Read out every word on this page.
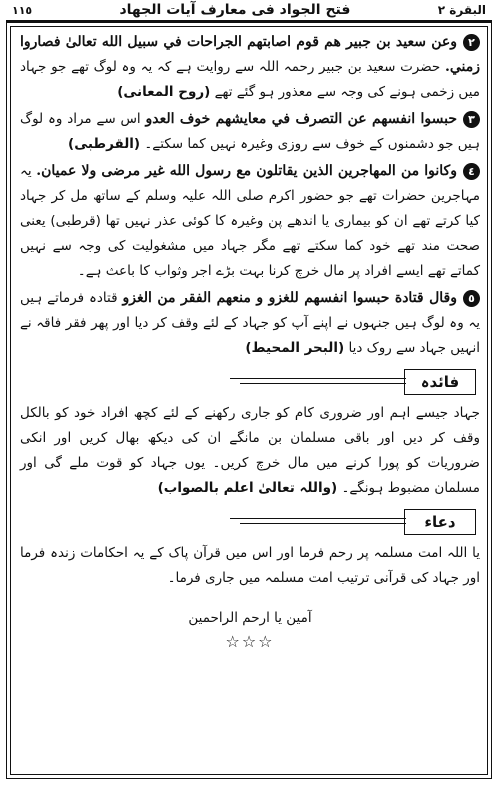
١١٥	فتح الجواد فی معارف آیات الجهاد	البقرة ۲

٢وعن سعيد بن جبير هم قوم اصابتهم الجراحات في سبيل الله تعالىٰ فصاروا زمني. حضرت سعید بن جبیر رحمہ اللہ سے روایت ہے کہ یہ وہ لوگ تھے جو جہاد میں زخمی ہونے کی وجہ سے معذور ہو گئے تھے (روح المعانی)

٣حبسوا انفسهم عن التصرف في معايشهم خوف العدو اس سے مراد وہ لوگ ہیں جو دشمنوں کے خوف سے روزی وغیرہ نہیں کما سکتے۔ (القرطبی)

٤وكانوا من المهاجرين الذين يقاتلون مع رسول الله غير مرضى ولا عميان. یہ مہاجرین حضرات تھے جو حضور اکرم صلی اللہ علیہ وسلم کے ساتھ مل کر جہاد کیا کرتے تھے ان کو بیماری یا اندھے پن وغیرہ کا کوئی عذر نہیں تھا (قرطبی) یعنی صحت مند تھے خود کما سکتے تھے مگر جہاد میں مشغولیت کی وجہ سے نہیں کماتے تھے ایسے افراد پر مال خرچ کرنا بہت بڑے اجر وثواب کا باعث ہے۔

٥وقال قتادة حبسوا انفسهم للغزو و منعهم الفقر من الغزو قتادہ فرماتے ہیں یہ وہ لوگ ہیں جنہوں نے اپنے آپ کو جہاد کے لئے وقف کر دیا اور پھر فقر فاقہ نے انہیں جہاد سے روک دیا (البحر المحیط)

فائدہ

جہاد جیسے اہم اور ضروری کام کو جاری رکھنے کے لئے کچھ افراد خود کو بالکل وقف کر دیں اور باقی مسلمان بن مانگے ان کی دیکھ بھال کریں اور انکی ضروریات کو پورا کرنے میں مال خرچ کریں۔ یوں جہاد کو قوت ملے گی اور مسلمان مضبوط ہونگے۔ (واللہ تعالیٰ اعلم بالصواب)

دعاء

یا اللہ امت مسلمہ پر رحم فرما اور اس میں قرآن پاک کے یہ احکامات زندہ فرما اور جہاد کی قرآنی ترتیب امت مسلمہ میں جاری فرما۔

آمین یا ارحم الراحمین
☆☆☆
